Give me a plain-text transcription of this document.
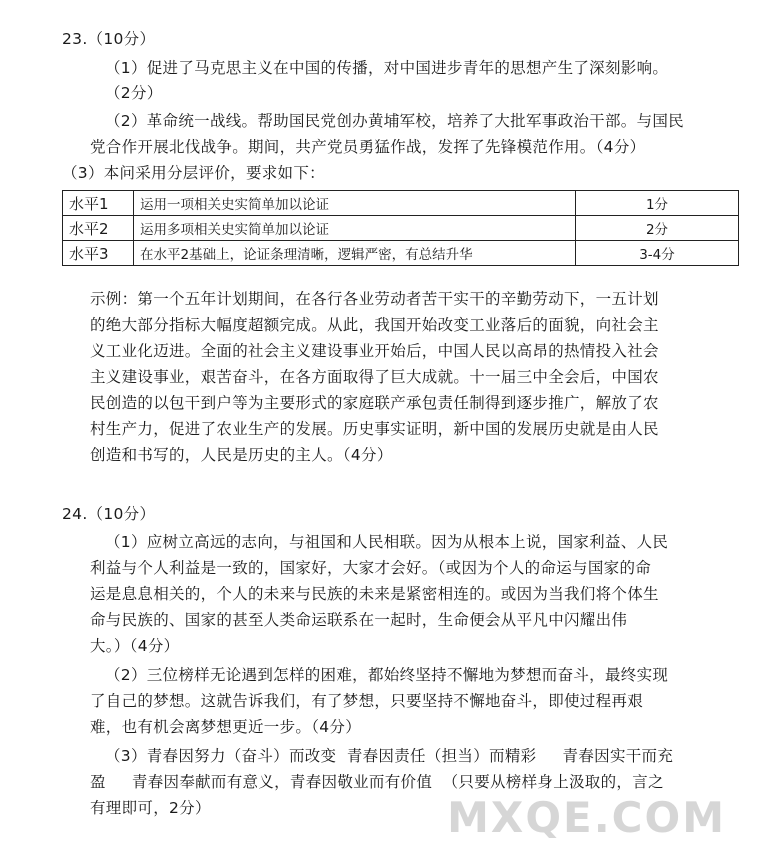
23.（10分）
（1）促进了马克思主义在中国的传播，对中国进步青年的思想产生了深刻影响。
（2分）
（2）革命统一战线。帮助国民党创办黄埔军校，培养了大批军事政治干部。与国民
党合作开展北伐战争。期间，共产党员勇猛作战，发挥了先锋模范作用。（4分）
（3）本问采用分层评价，要求如下：
水平1	运用一项相关史实简单加以论证	1分
水平2	运用多项相关史实简单加以论证	2分
水平3	在水平2基础上，论证条理清晰，逻辑严密，有总结升华	3-4分
示例：第一个五年计划期间，在各行各业劳动者苦干实干的辛勤劳动下，一五计划
的绝大部分指标大幅度超额完成。从此，我国开始改变工业落后的面貌，向社会主
义工业化迈进。全面的社会主义建设事业开始后，中国人民以高昂的热情投入社会
主义建设事业，艰苦奋斗，在各方面取得了巨大成就。十一届三中全会后，中国农
民创造的以包干到户等为主要形式的家庭联产承包责任制得到逐步推广，解放了农
村生产力，促进了农业生产的发展。历史事实证明，新中国的发展历史就是由人民
创造和书写的，人民是历史的主人。（4分）
24.（10分）
（1）应树立高远的志向，与祖国和人民相联。因为从根本上说，国家利益、人民
利益与个人利益是一致的，国家好，大家才会好。（或因为个人的命运与国家的命
运是息息相关的，个人的未来与民族的未来是紧密相连的。或因为当我们将个体生
命与民族的、国家的甚至人类命运联系在一起时，生命便会从平凡中闪耀出伟
大。）（4分）
（2）三位榜样无论遇到怎样的困难，都始终坚持不懈地为梦想而奋斗，最终实现
了自己的梦想。这就告诉我们，有了梦想，只要坚持不懈地奋斗，即使过程再艰
难，也有机会离梦想更近一步。（4分）
（3）青春因努力（奋斗）而改变  青春因责任（担当）而精彩     青春因实干而充
盈     青春因奉献而有意义，青春因敬业而有价值  （只要从榜样身上汲取的，言之
有理即可，2分）	MXQE.COM
